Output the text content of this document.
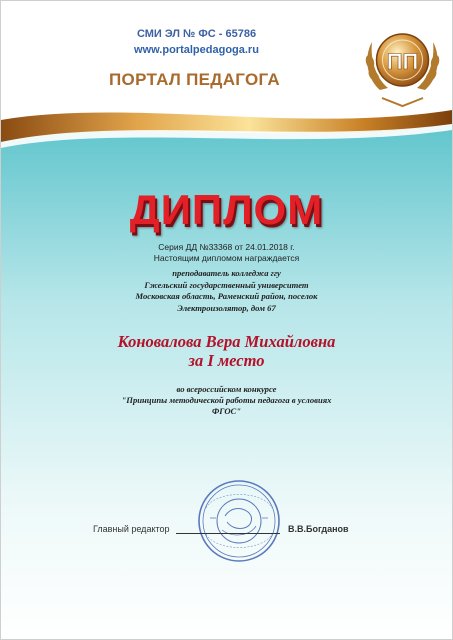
СМИ ЭЛ № ФС - 65786
www.portalpedagoga.ru
ПОРТАЛ ПЕДАГОГА
ПП
ДИПЛОМ
Серия ДД №33368 от 24.01.2018 г.
Настоящим дипломом награждается
преподаватель колледжа ггу
Гжельский государственный университет
Московская область, Раменский район, поселок
Электроизолятор, дом 67
Коновалова Вера Михайловна
за I место
во всероссийском конкурсе
"Принципы методической работы педагога в условиях
ФГОС"
Главный редактор	В.В.Богданов
